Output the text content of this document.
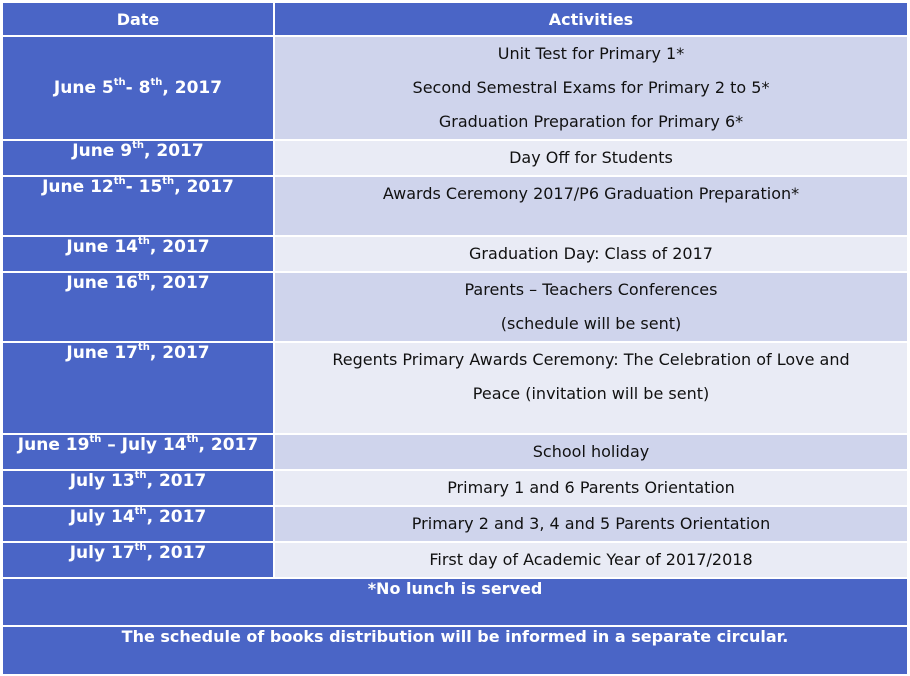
Date	Activities
June 5th- 8th, 2017	Unit Test for Primary 1*
Second Semestral Exams for Primary 2 to 5*
Graduation Preparation for Primary 6*

June 9th, 2017	Day Off for Students

June 12th- 15th, 2017	Awards Ceremony 2017/P6 Graduation Preparation*

June 14th, 2017	Graduation Day: Class of 2017

June 16th, 2017	Parents – Teachers Conferences
(schedule will be sent)

June 17th, 2017	Regents Primary Awards Ceremony: The Celebration of Love and
Peace (invitation will be sent)

June 19th – July 14th, 2017	School holiday

July 13th, 2017	Primary 1 and 6 Parents Orientation

July 14th, 2017	Primary 2 and 3, 4 and 5 Parents Orientation

July 17th, 2017	First day of Academic Year of 2017/2018

*No lunch is served	
The schedule of books distribution will be informed in a separate circular.	
